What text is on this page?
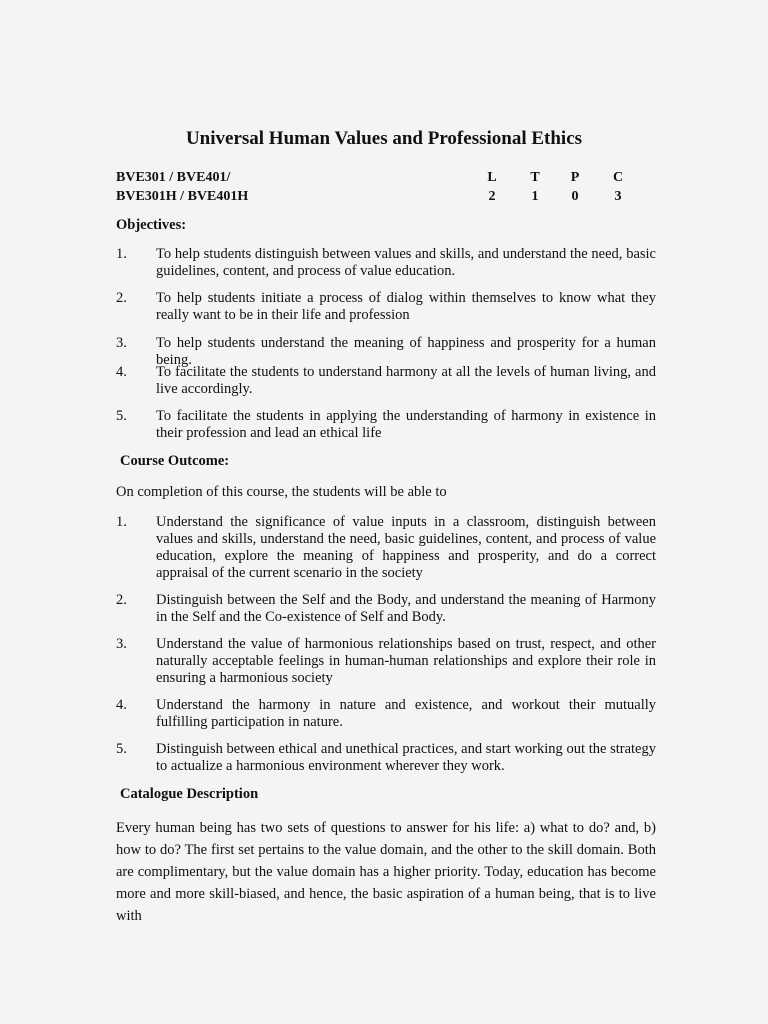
Universal Human Values and Professional Ethics
BVE301 / BVE401/
BVE301H / BVE401H
L
2
T
1
P
0
C
3
Objectives:
1. To help students distinguish between values and skills, and understand the need, basic guidelines, content, and process of value education.
2. To help students initiate a process of dialog within themselves to know what they really want to be in their life and profession
3. To help students understand the meaning of happiness and prosperity for a human being.
4. To facilitate the students to understand harmony at all the levels of human living, and live accordingly.
5. To facilitate the students in applying the understanding of harmony in existence in their profession and lead an ethical life
Course Outcome:
On completion of this course, the students will be able to
1. Understand the significance of value inputs in a classroom, distinguish between values and skills, understand the need, basic guidelines, content, and process of value education, explore the meaning of happiness and prosperity, and do a correct appraisal of the current scenario in the society
2. Distinguish between the Self and the Body, and understand the meaning of Harmony in the Self and the Co-existence of Self and Body.
3. Understand the value of harmonious relationships based on trust, respect, and other naturally acceptable feelings in human-human relationships and explore their role in ensuring a harmonious society
4. Understand the harmony in nature and existence, and workout their mutually fulfilling participation in nature.
5. Distinguish between ethical and unethical practices, and start working out the strategy to actualize a harmonious environment wherever they work.
Catalogue Description
Every human being has two sets of questions to answer for his life: a) what to do? and, b) how to do? The first set pertains to the value domain, and the other to the skill domain. Both are complimentary, but the value domain has a higher priority. Today, education has become more and more skill-biased, and hence, the basic aspiration of a human being, that is to live with
